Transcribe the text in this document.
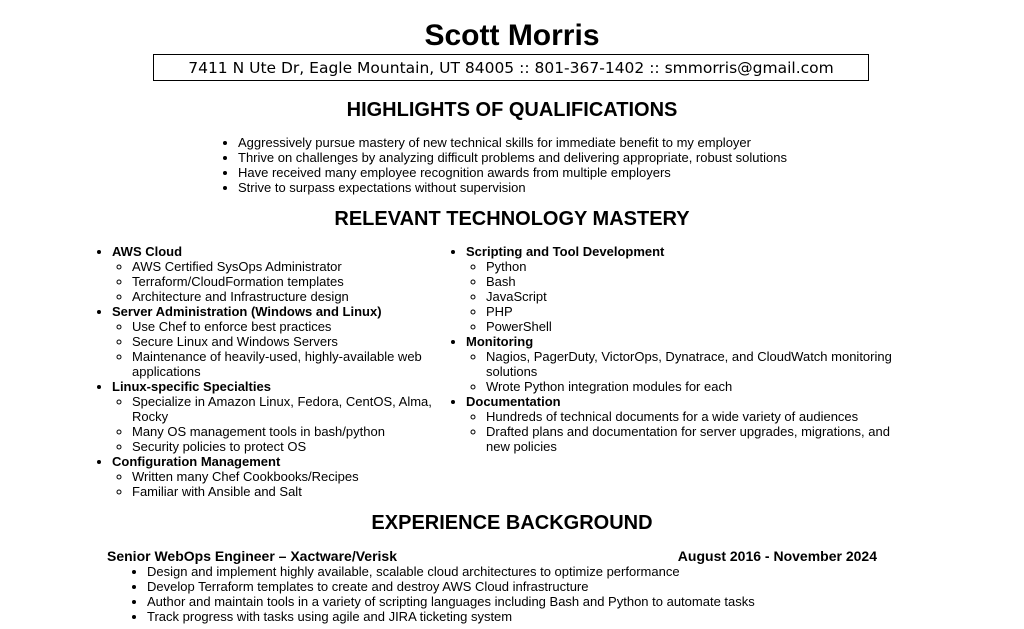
Scott Morris
7411 N Ute Dr, Eagle Mountain, UT 84005 :: 801-367-1402 :: smmorris@gmail.com
HIGHLIGHTS OF QUALIFICATIONS
• Aggressively pursue mastery of new technical skills for immediate benefit to my employer
• Thrive on challenges by analyzing difficult problems and delivering appropriate, robust solutions
• Have received many employee recognition awards from multiple employers
• Strive to surpass expectations without supervision
RELEVANT TECHNOLOGY MASTERY
• AWS Cloud
◦ AWS Certified SysOps Administrator
◦ Terraform/CloudFormation templates
◦ Architecture and Infrastructure design
• Server Administration (Windows and Linux)
◦ Use Chef to enforce best practices
◦ Secure Linux and Windows Servers
◦ Maintenance of heavily-used, highly-available web applications
• Linux-specific Specialties
◦ Specialize in Amazon Linux, Fedora, CentOS, Alma, Rocky
◦ Many OS management tools in bash/python
◦ Security policies to protect OS
• Configuration Management
◦ Written many Chef Cookbooks/Recipes
◦ Familiar with Ansible and Salt
• Scripting and Tool Development
◦ Python
◦ Bash
◦ JavaScript
◦ PHP
◦ PowerShell
• Monitoring
◦ Nagios, PagerDuty, VictorOps, Dynatrace, and CloudWatch monitoring solutions
◦ Wrote Python integration modules for each
• Documentation
◦ Hundreds of technical documents for a wide variety of audiences
◦ Drafted plans and documentation for server upgrades, migrations, and new policies
EXPERIENCE BACKGROUND
Senior WebOps Engineer – Xactware/Verisk	August 2016 - November 2024
• Design and implement highly available, scalable cloud architectures to optimize performance
• Develop Terraform templates to create and destroy AWS Cloud infrastructure
• Author and maintain tools in a variety of scripting languages including Bash and Python to automate tasks
• Track progress with tasks using agile and JIRA ticketing system
